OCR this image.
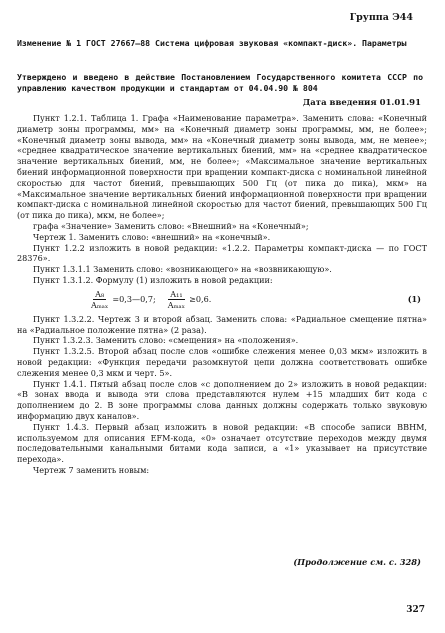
Группа Э44
Изменение № 1 ГОСТ 27667—88 Система цифровая звуковая «компакт-диск». Параметры
Утверждено и введено в действие Постановлением Государственного комитета СССР по управлению качеством продукции и стандартам от 04.04.90 № 804
Дата введения 01.01.91

Пункт 1.2.1. Таблица 1. Графа «Наименование параметра». Заменить слова: «Конечный диаметр зоны программы, мм» на «Конечный диаметр зоны программы, мм, не более»; «Конечный диаметр зоны вывода, мм» на «Конечный диаметр зоны вывода, мм, не менее»; «среднее квадратическое значение вертикальных биений, мм» на «среднее квадратическое значение вертикальных биений, мм, не более»; «Максимальное значение вертикальных биений информационной поверхности при вращении компакт-диска с номинальной линейной скоростью для частот биений, превышающих 500 Гц (от пика до пика), мкм» на «Максимальное значение вертикальных биений информационной поверхности при вращении компакт-диска с номинальной линейной скоростью для частот биений, превышающих 500 Гц (от пика до пика), мкм, не более»;

графа «Значение» Заменить слово: «Внешний» на «Конечный»;

Чертеж 1. Заменить слово: «внешний» на «конечный».

Пункт 1.2.2 изложить в новой редакции: «1.2.2. Параметры компакт-диска — по ГОСТ 28376».

Пункт 1.3.1.1 Заменить слово: «возникающего» на «возвникающую».

Пункт 1.3.1.2. Формулу (1) изложить в новой редакции:

$\frac{\text{A₈}}{\text{Aₘₐₓ}}$ =0,3—0,7; $\frac{\text{A₁₁}}{\text{Aₘₐₓ}} \ge 0,6$.	(1)

Пункт 1.3.2.2. Чертеж 3 и второй абзац. Заменить слова: «Радиальное смещение пятна» на «Радиальное положение пятна» (2 раза).

Пункт 1.3.2.3. Заменить слово: «смещения» на «положения».

Пункт 1.3.2.5. Второй абзац после слов «ошибке слежения менее 0,03 мкм» изложить в новой редакции: «Функция передачи разомкнутой цепи должна соответствовать ошибке слежения менее 0,3 мкм и черт. 5».

Пункт 1.4.1. Пятый абзац после слов «с дополнением до 2» изложить в новой редакции: «В зонах ввода и вывода эти слова представляются нулем +15 младших бит кода с дополнением до 2. В зоне программы слова данных должны содержать только звуковую информацию двух каналов».

Пункт 1.4.3. Первый абзац изложить в новой редакции: «В способе записи ВВНМ, используемом для описания EFM-кода, «0» означает отсутствие переходов между двумя последовательными канальными битами кода записи, а «1» указывает на присутствие перехода».

Чертеж 7 заменить новым:

(Продолжение см. с. 328)
327
